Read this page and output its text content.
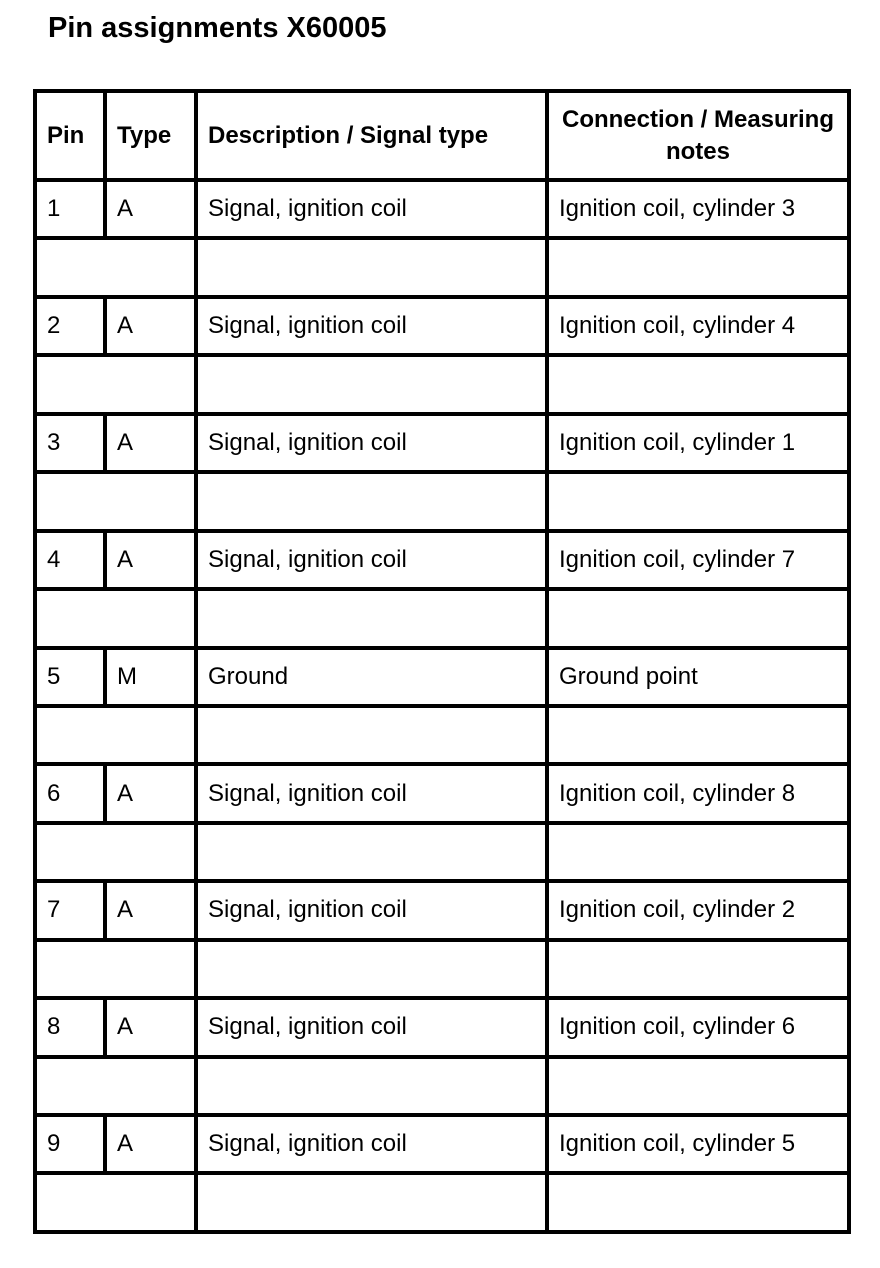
Pin assignments X60005
Pin	Type	Description / Signal type	Connection / Measuring notes
1	A	Signal, ignition coil	Ignition coil, cylinder 3

2	A	Signal, ignition coil	Ignition coil, cylinder 4

3	A	Signal, ignition coil	Ignition coil, cylinder 1

4	A	Signal, ignition coil	Ignition coil, cylinder 7

5	M	Ground	Ground point

6	A	Signal, ignition coil	Ignition coil, cylinder 8

7	A	Signal, ignition coil	Ignition coil, cylinder 2

8	A	Signal, ignition coil	Ignition coil, cylinder 6

9	A	Signal, ignition coil	Ignition coil, cylinder 5
